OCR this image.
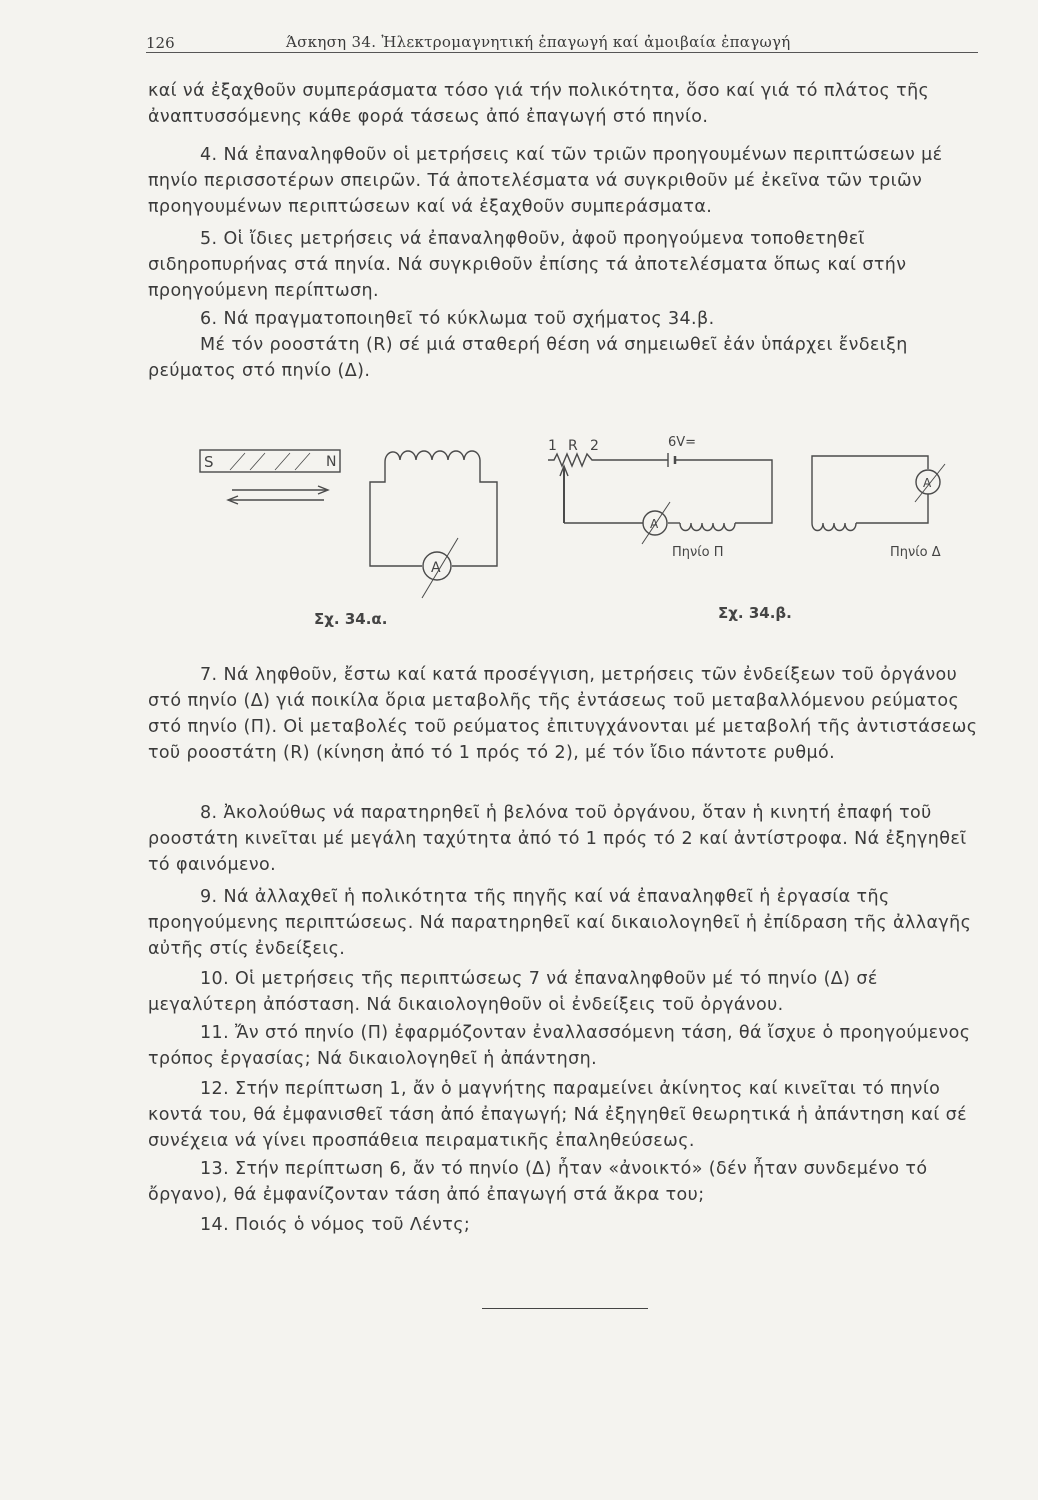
126	Άσκηση 34. Ἠλεκτρομαγνητική ἐπαγωγή καί ἀμοιβαία ἐπαγωγή

καί νά ἐξαχθοῦν συμπεράσματα τόσο γιά τήν πολικότητα, ὅσο καί γιά τό πλάτος τῆς ἀναπτυσσόμενης κάθε φορά τάσεως ἀπό ἐπαγωγή στό πηνίο.

4. Νά ἐπαναληφθοῦν οἱ μετρήσεις καί τῶν τριῶν προηγουμένων περιπτώσεων μέ πηνίο περισσοτέρων σπειρῶν. Τά ἀποτελέσματα νά συγκριθοῦν μέ ἐκεῖνα τῶν τριῶν προηγουμένων περιπτώσεων καί νά ἐξαχθοῦν συμπεράσματα.

5. Οἱ ἴδιες μετρήσεις νά ἐπαναληφθοῦν, ἀφοῦ προηγούμενα τοποθετηθεῖ σιδηροπυρήνας στά πηνία. Νά συγκριθοῦν ἐπίσης τά ἀποτελέσματα ὅπως καί στήν προηγούμενη περίπτωση.

6. Νά πραγματοποιηθεῖ τό κύκλωμα τοῦ σχήματος 34.β.

Μέ τόν ροοστάτη (R) σέ μιά σταθερή θέση νά σημειωθεῖ ἐάν ὑπάρχει ἔνδειξη ρεύματος στό πηνίο (Δ).

S	N
A
1 R 2	6V=
A
A
Πηνίο Π	Πηνίο Δ
Σχ. 34.α.	Σχ. 34.β.

7. Νά ληφθοῦν, ἔστω καί κατά προσέγγιση, μετρήσεις τῶν ἐνδείξεων τοῦ ὀργάνου στό πηνίο (Δ) γιά ποικίλα ὅρια μεταβολῆς τῆς ἐντάσεως τοῦ μεταβαλλόμενου ρεύματος στό πηνίο (Π). Οἱ μεταβολές τοῦ ρεύματος ἐπιτυγχάνονται μέ μεταβολή τῆς ἀντιστάσεως τοῦ ροοστάτη (R) (κίνηση ἀπό τό 1 πρός τό 2), μέ τόν ἴδιο πάντοτε ρυθμό.

8. Ἀκολούθως νά παρατηρηθεῖ ἡ βελόνα τοῦ ὀργάνου, ὅταν ἡ κινητή ἐπαφή τοῦ ροοστάτη κινεῖται μέ μεγάλη ταχύτητα ἀπό τό 1 πρός τό 2 καί ἀντίστροφα. Νά ἐξηγηθεῖ τό φαινόμενο.

9. Νά ἀλλαχθεῖ ἡ πολικότητα τῆς πηγῆς καί νά ἐπαναληφθεῖ ἡ ἐργασία τῆς προηγούμενης περιπτώσεως. Νά παρατηρηθεῖ καί δικαιολογηθεῖ ἡ ἐπίδραση τῆς ἀλλαγῆς αὐτῆς στίς ἐνδείξεις.

10. Οἱ μετρήσεις τῆς περιπτώσεως 7 νά ἐπαναληφθοῦν μέ τό πηνίο (Δ) σέ μεγαλύτερη ἀπόσταση. Νά δικαιολογηθοῦν οἱ ἐνδείξεις τοῦ ὀργάνου.

11. Ἄν στό πηνίο (Π) ἐφαρμόζονταν ἐναλλασσόμενη τάση, θά ἴσχυε ὁ προηγούμενος τρόπος ἐργασίας; Νά δικαιολογηθεῖ ἡ ἀπάντηση.

12. Στήν περίπτωση 1, ἄν ὁ μαγνήτης παραμείνει ἀκίνητος καί κινεῖται τό πηνίο κοντά του, θά ἐμφανισθεῖ τάση ἀπό ἐπαγωγή; Νά ἐξηγηθεῖ θεωρητικά ἡ ἀπάντηση καί σέ συνέχεια νά γίνει προσπάθεια πειραματικῆς ἐπαληθεύσεως.

13. Στήν περίπτωση 6, ἄν τό πηνίο (Δ) ἦταν «ἀνοικτό» (δέν ἦταν συνδεμένο τό ὄργανο), θά ἐμφανίζονταν τάση ἀπό ἐπαγωγή στά ἄκρα του;

14. Ποιός ὁ νόμος τοῦ Λέντς;
